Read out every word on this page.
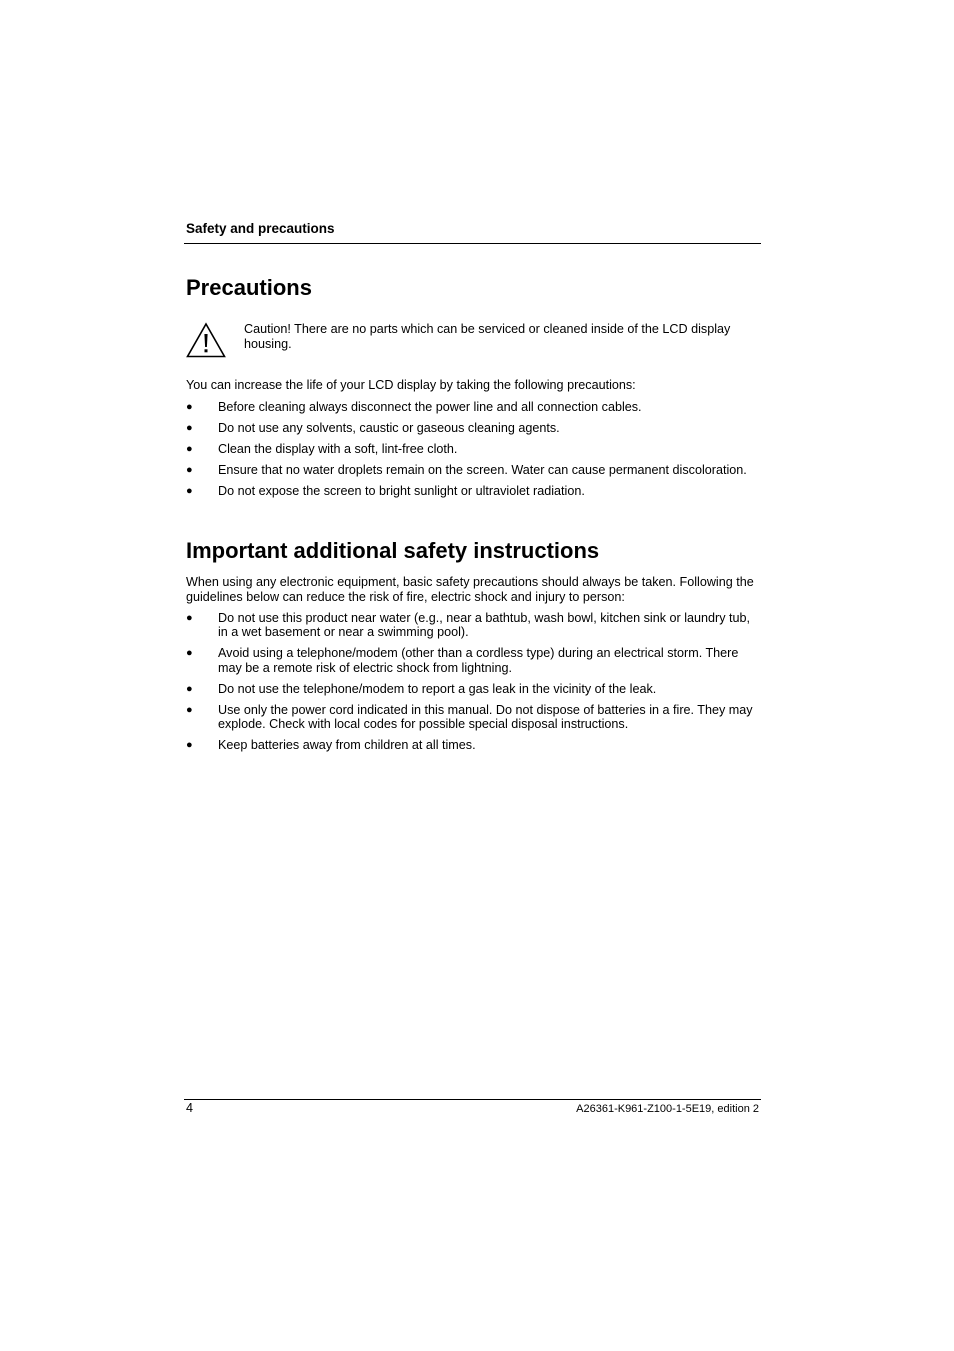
Safety and precautions
Precautions
Caution! There are no parts which can be serviced or cleaned inside of the LCD display housing.
You can increase the life of your LCD display by taking the following precautions:
● Before cleaning always disconnect the power line and all connection cables.
● Do not use any solvents, caustic or gaseous cleaning agents.
● Clean the display with a soft, lint-free cloth.
● Ensure that no water droplets remain on the screen. Water can cause permanent discoloration.
● Do not expose the screen to bright sunlight or ultraviolet radiation.
Important additional safety instructions
When using any electronic equipment, basic safety precautions should always be taken. Following the guidelines below can reduce the risk of fire, electric shock and injury to person:
● Do not use this product near water (e.g., near a bathtub, wash bowl, kitchen sink or laundry tub, in a wet basement or near a swimming pool).
● Avoid using a telephone/modem (other than a cordless type) during an electrical storm. There may be a remote risk of electric shock from lightning.
● Do not use the telephone/modem to report a gas leak in the vicinity of the leak.
● Use only the power cord indicated in this manual. Do not dispose of batteries in a fire. They may explode. Check with local codes for possible special disposal instructions.
● Keep batteries away from children at all times.
4	A26361-K961-Z100-1-5E19, edition 2
